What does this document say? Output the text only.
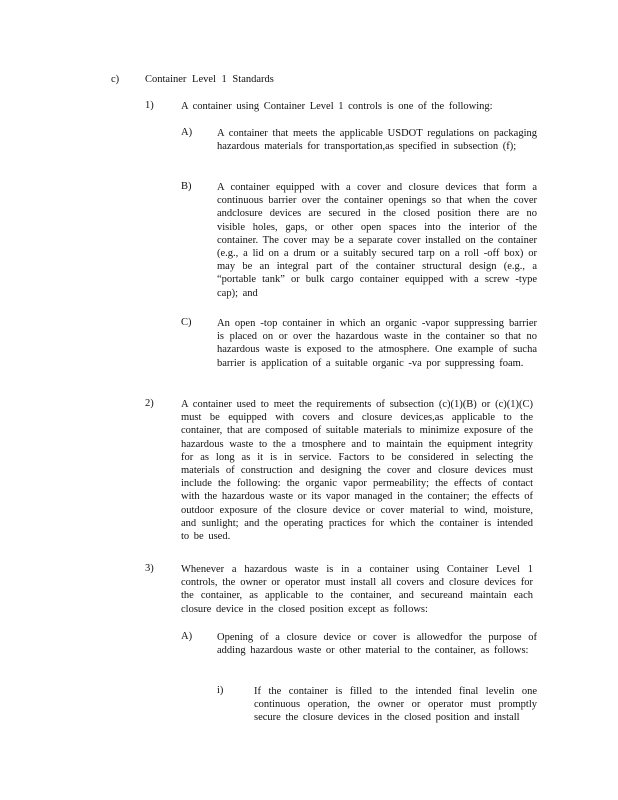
c) Container Level 1 Standards
1)	A container using Container Level 1 controls is one of the following:
A) A container that meets the applicable USDOT regulations on packaging hazardous materials for transportation,as specified in subsection (f);
B) A container equipped with a cover and closure devices that form a continuous barrier over the container openings so that when the cover andclosure devices are secured in the closed position there are no visible holes, gaps, or other open spaces into the interior of the container. The cover may be a separate cover installed on the container (e.g., a lid on a drum or a suitably secured tarp on a roll -off box) or may be an integral part of the container structural design (e.g., a “portable tank” or bulk cargo container equipped with a screw -type cap); and
C) An open -top container in which an organic -vapor suppressing barrier is placed on or over the hazardous waste in the container so that no hazardous waste is exposed to the atmosphere. One example of sucha barrier is application of a suitable organic -va por suppressing foam.
2)	A container used to meet the requirements of subsection (c)(1)(B) or (c)(1)(C) must be equipped with covers and closure devices,as applicable to the container, that are composed of suitable materials to minimize exposure of the hazardous waste to the a tmosphere and to maintain the equipment integrity for as long as it is in service. Factors to be considered in selecting the materials of construction and designing the cover and closure devices must include the following: the organic vapor permeability; the effects of contact with the hazardous waste or its vapor managed in the container; the effects of outdoor exposure of the closure device or cover material to wind, moisture, and sunlight; and the operating practices for which the container is intended to be used.
3)	Whenever a hazardous waste is in a container using Container Level 1 controls, the owner or operator must install all covers and closure devices for the container, as applicable to the container, and secureand maintain each closure device in the closed position except as follows:
A) Opening of a closure device or cover is allowedfor the purpose of adding hazardous waste or other material to the container, as follows:
i)	If the container is filled to the intended final levelin one continuous operation, the owner or operator must promptly secure the closure devices in the closed position and install
